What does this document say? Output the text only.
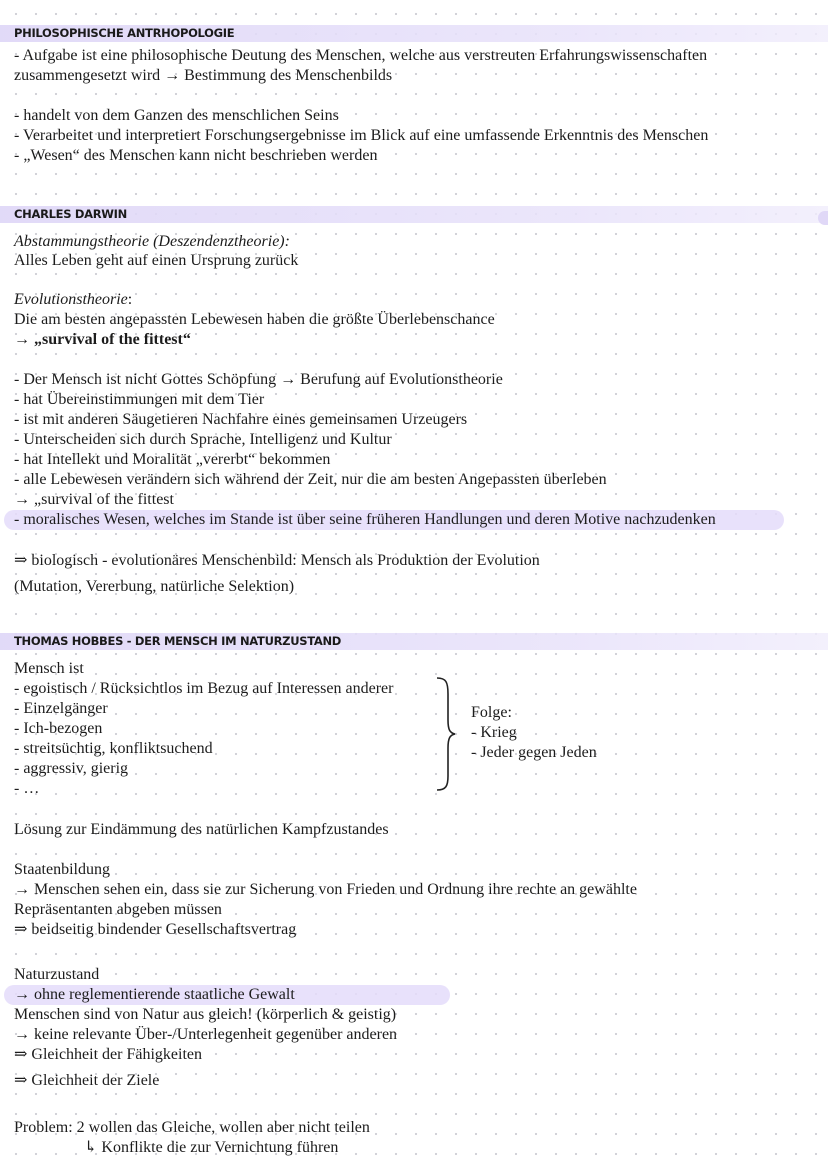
PHILOSOPHISCHE ANTRHOPOLOGIE
- Aufgabe ist eine philosophische Deutung des Menschen, welche aus verstreuten Erfahrungswissenschaften
zusammengesetzt wird → Bestimmung des Menschenbilds
- handelt von dem Ganzen des menschlichen Seins
- Verarbeitet und interpretiert Forschungsergebnisse im Blick auf eine umfassende Erkenntnis des Menschen
- „Wesen“ des Menschen kann nicht beschrieben werden
CHARLES DARWIN
Abstammungstheorie (Deszendenztheorie):
Alles Leben geht auf einen Ursprung zurück
Evolutionstheorie:
Die am besten angepassten Lebewesen haben die größte Überlebenschance
→ „survival of the fittest“
- Der Mensch ist nicht Gottes Schöpfung → Berufung auf Evolutionstheorie
- hat Übereinstimmungen mit dem Tier
- ist mit anderen Säugetieren Nachfahre eines gemeinsamen Urzeugers
- Unterscheiden sich durch Sprache, Intelligenz und Kultur
- hat Intellekt und Moralität „vererbt“ bekommen
- alle Lebewesen verändern sich während der Zeit, nur die am besten Angepassten überleben
→ „survival of the fittest
- moralisches Wesen, welches im Stande ist über seine früheren Handlungen und deren Motive nachzudenken
⇒ biologisch - evolutionäres Menschenbild: Mensch als Produktion der Evolution
(Mutation, Vererbung, natürliche Selektion)
THOMAS HOBBES - DER MENSCH IM NATURZUSTAND
Mensch ist
- egoistisch / Rücksichtlos im Bezug auf Interessen anderer
- Einzelgänger
- Ich-bezogen
- streitsüchtig, konfliktsuchend
- aggressiv, gierig
- …
Folge:
- Krieg
- Jeder gegen Jeden
Lösung zur Eindämmung des natürlichen Kampfzustandes
Staatenbildung
→ Menschen sehen ein, dass sie zur Sicherung von Frieden und Ordnung ihre rechte an gewählte
Repräsentanten abgeben müssen
⇒ beidseitig bindender Gesellschaftsvertrag
Naturzustand
→ ohne reglementierende staatliche Gewalt
Menschen sind von Natur aus gleich! (körperlich & geistig)
→ keine relevante Über-/Unterlegenheit gegenüber anderen
⇒ Gleichheit der Fähigkeiten
⇒ Gleichheit der Ziele
Problem: 2 wollen das Gleiche, wollen aber nicht teilen
↳ Konflikte die zur Vernichtung führen
